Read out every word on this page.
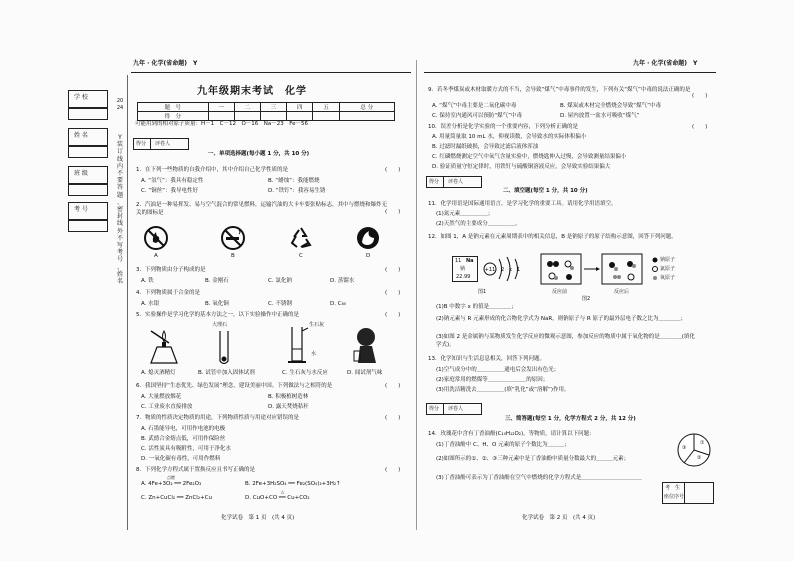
学 校
姓 名
班 级
考 号
2024
Y 装 订 线 内 不 要 答 题 、 密 封 线 外 不 写 考 号 、 姓 名
九年 · 化学(省命题)　Y
九年级期末考试　化学
题　号	一	二	三	四	五	总 分
得　分						
可能用到的相对原子质量：H－1　C－12　O－16　Na－23　Fe－56
得分 评卷人
一、单项选择题(每小题 1 分，共 10 分)
1．在下列一些物质的自我介绍中，其中介绍自己化学性质的是	(　　)
A. “氢气”：我具有稳定性	B. “蜡烛”：我能燃烧
C. “铜丝”：我导电性好	D. “铁钉”：我容易生锈
2．汽油是一种易挥发、易与空气混合的常见燃料，运输汽油的大卡车要张贴标志，其中与燃烧和爆炸无关的图标是	(　　)
A	B	C	D
3．下列物质由分子构成的是	(　　)
A. 铁	B. 金刚石	C. 氯化钠	D. 蒸馏水
4．下列物质属于合金的是	(　　)
A. 水银	B. 氧化铜	C. 不锈钢	D. C₆₀
5．实验操作是学习化学的基本方法之一，以下实验操作中正确的是	(　　)
大理石	生石灰
水
A. 熄灭酒精灯	B. 试管中加入固体试剂	C. 生石灰与水反应	D. 闻试剂气味
6．我国坚持“生态优先、绿色发展”理念，建设美丽中国。下列做法与之相符的是	(　　)
A. 大量燃放烟花	B. 积极植树造林
C. 工业废水直接排放	D. 露天焚烧秸秆
7．物质的性质决定物质的用途，下列物质性质与用途对应错误的是	(　　)
A. 石墨能导电，可用作电池的电极
B. 武德合金熔点低，可用作保险丝
C. 活性炭具有吸附性，可用于净化水
D. 一氧化碳有毒性，可用作燃料
8．下列化学方程式属于置换反应且书写正确的是	(　　)
点燃
A. 4Fe+3O₂ ══ 2Fe₂O₃	B. 2Fe+3H₂SO₄ ══ Fe₂(SO₄)₃+3H₂↑
C. Zn+CuCl₂ ══ ZnCl₂+Cu
△
D. CuO+CO ══ Cu+CO₂
化学试卷　第 1 页　(共 4 页)
九年 · 化学(省命题)　Y
9．若冬季煤炭或木材取暖方式的不当，会导致“煤气”中毒事件的发生，下列有关“煤气”中毒的说法正确的是
(　　)
A. “煤气”中毒主要是二氧化碳中毒	B. 煤炭或木材完全燃烧会导致“煤气”中毒
C. 保持室内通风可以预防“煤气”中毒	D. 屋内放置一盆水可吸收“煤气”
10．误差分析是化学实验的一个重要内容，下列分析正确的是	(　　)
A. 用量筒量取 10 mL 水，仰视读数，会导致水的实际体积偏小
B. 过滤时漏纸破损，会导致过滤后液体浑浊
C. 红磷燃烧测定空气中氧气含量实验中，燃烧匙伸入过慢，会导致测量结果偏小
D. 验证质量守恒定律时，用铁钉与硫酸铜溶液反应，会导致实验结果偏大
得分 评卷人
二、填空题(每空 1 分，共 10 分)
11．化学用语是国际通用语言，是学习化学的重要工具。请用化学用语填空。
(1)氮元素＿＿＿＿＿；
(2)天然气的主要成分＿＿＿＿＿。
12．如图 1，A 是钠元素在元素周期表中的相关信息，B 是钠原子的原子结构示意图，回答下列问题。
11 Na
钠
22.99
+11 2 x 1
钠原子
氯原子
氧原子
反应前	反应后
图1
图2
(1)B 中数字 x 的值是＿＿＿＿；
(2)钠元素与 R 元素形成的化合物化学式为 NaR，则钠原子与 R 原子的最外层电子数之比为＿＿＿＿；
(3)如图 2 是金属钠与某物质发生化学反应的微观示意图，参加反应的物质中属于氧化物的是＿＿＿＿(填化学式)。
13．化学知识与生活息息相关，回答下列问题。
(1)空气成分中的＿＿＿＿＿通电后会发出有色光；
(2)家庭常用的燃煤等＿＿＿＿＿＿＿的原因；
(3)用洗洁精洗去＿＿＿＿＿(填“乳化”或“溶解”)作用。
得分 评卷人
三、简答题(每空 1 分，化学方程式 2 分，共 12 分)
14．玫瑰花中含有丁香油酚(C₁₀H₁₂O₂)，等物质，请计算以下问题：
(1)丁香油酚中 C、H、O 元素的原子个数比为＿＿＿；
(2)如图所示的①、②、③三种元素中是丁香油酚中质量分数最大的＿＿＿元素；
(3)丁香油酚可表示为丁香油酚在空气中燃烧的化学方程式是＿＿＿＿＿＿＿＿＿＿＿
①
②
③
考　生
座位序号
化学试卷　第 2 页　(共 4 页)
